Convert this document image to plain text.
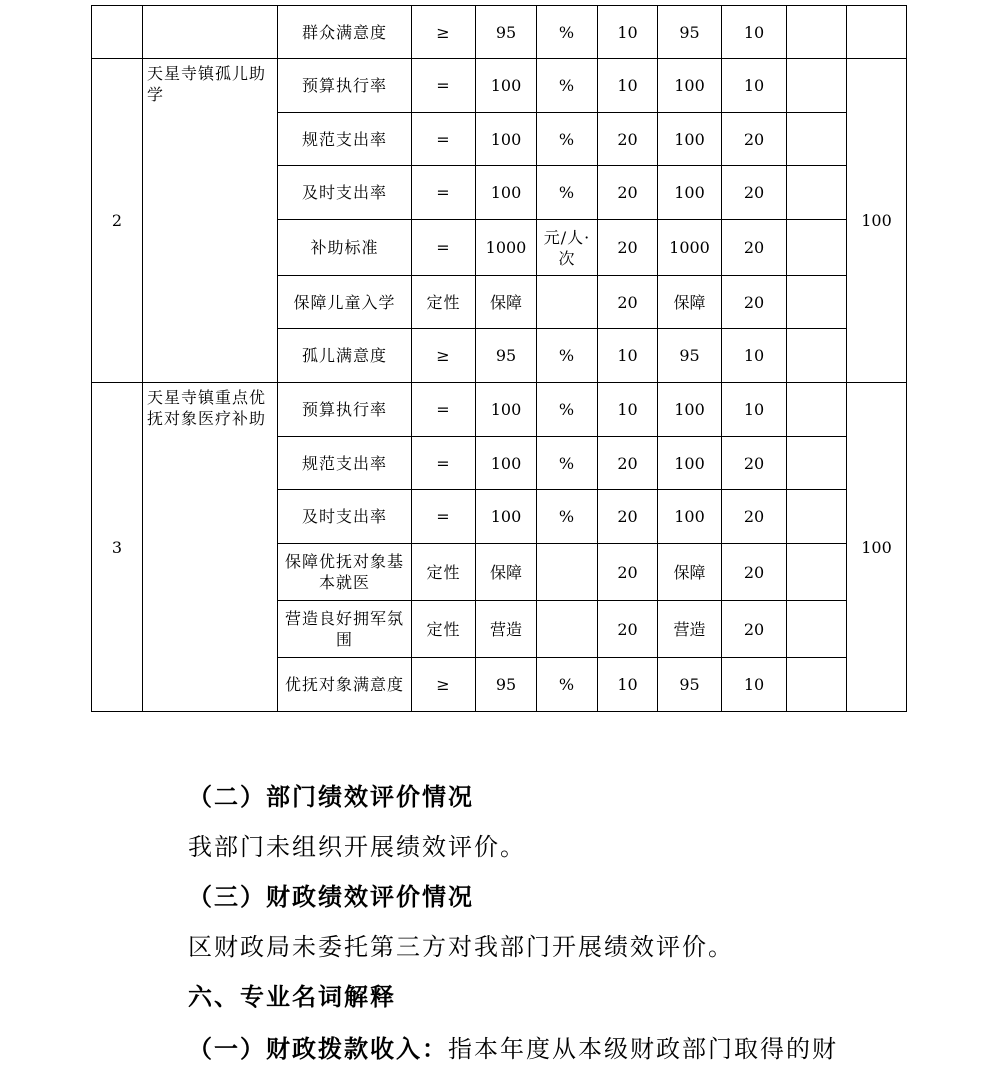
		群众满意度	≥	95	%	10	95	10		
2	天星寺镇孤儿助学	预算执行率	=	100	%	10	100	10		100
		规范支出率	=	100	%	20	100	20		
		及时支出率	=	100	%	20	100	20		
		补助标准	=	1000	元/人·次	20	1000	20		
		保障儿童入学	定性	保障		20	保障	20		
		孤儿满意度	≥	95	%	10	95	10		
3	天星寺镇重点优抚对象医疗补助	预算执行率	=	100	%	10	100	10		100
		规范支出率	=	100	%	20	100	20		
		及时支出率	=	100	%	20	100	20		
		保障优抚对象基本就医	定性	保障		20	保障	20		
		营造良好拥军氛围	定性	营造		20	营造	20		
		优抚对象满意度	≥	95	%	10	95	10		
（二）部门绩效评价情况
我部门未组织开展绩效评价。
（三）财政绩效评价情况
区财政局未委托第三方对我部门开展绩效评价。
六、专业名词解释
（一）财政拨款收入：指本年度从本级财政部门取得的财
